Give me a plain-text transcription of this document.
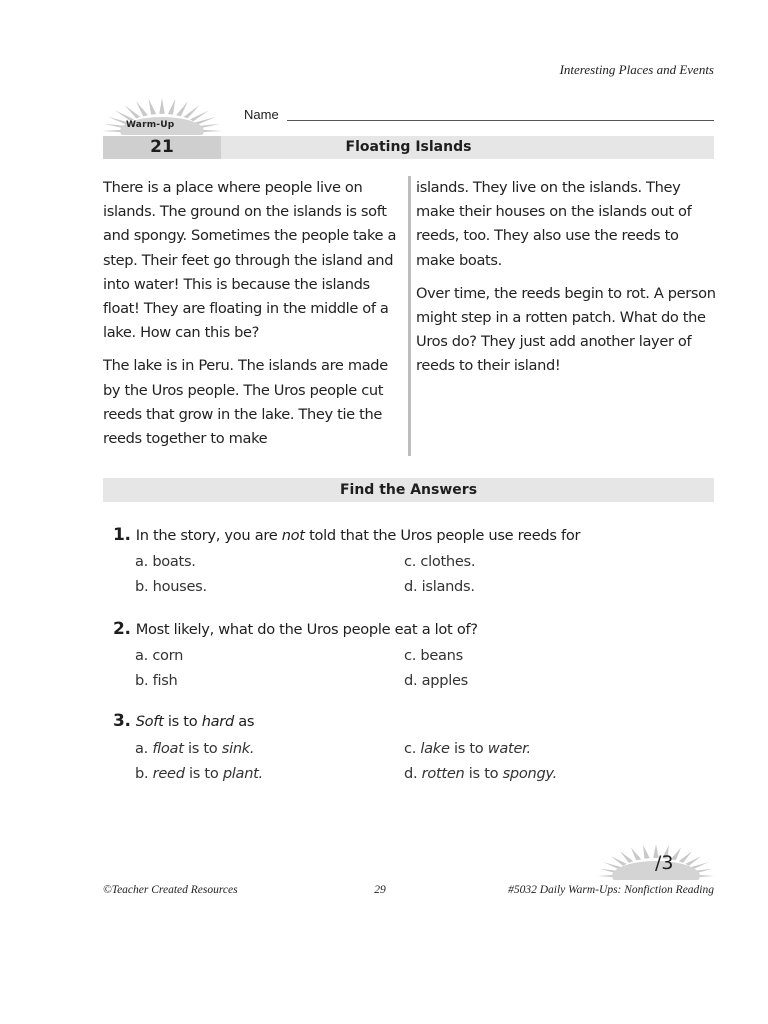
Interesting Places and Events
Warm-Up
Name
21	Floating Islands

There is a place where people live on islands. The ground on the islands is soft and spongy. Sometimes the people take a step. Their feet go through the island and into water! This is because the islands float! They are floating in the middle of a lake. How can this be?

The lake is in Peru. The islands are made by the Uros people. The Uros people cut reeds that grow in the lake. They tie the reeds together to make

islands. They live on the islands. They make their houses on the islands out of reeds, too. They also use the reeds to make boats.

Over time, the reeds begin to rot. A person might step in a rotten patch. What do the Uros do? They just add another layer of reeds to their island!

Find the Answers
1. In the story, you are not told that the Uros people use reeds for
a. boats.	c. clothes.
b. houses.	d. islands.
2. Most likely, what do the Uros people eat a lot of?
a. corn	c. beans
b. fish	d. apples
3. Soft is to hard as
a. float is to sink.	c. lake is to water.
b. reed is to plant.	d. rotten is to spongy.
/3
©Teacher Created Resources	29	#5032 Daily Warm-Ups: Nonfiction Reading
